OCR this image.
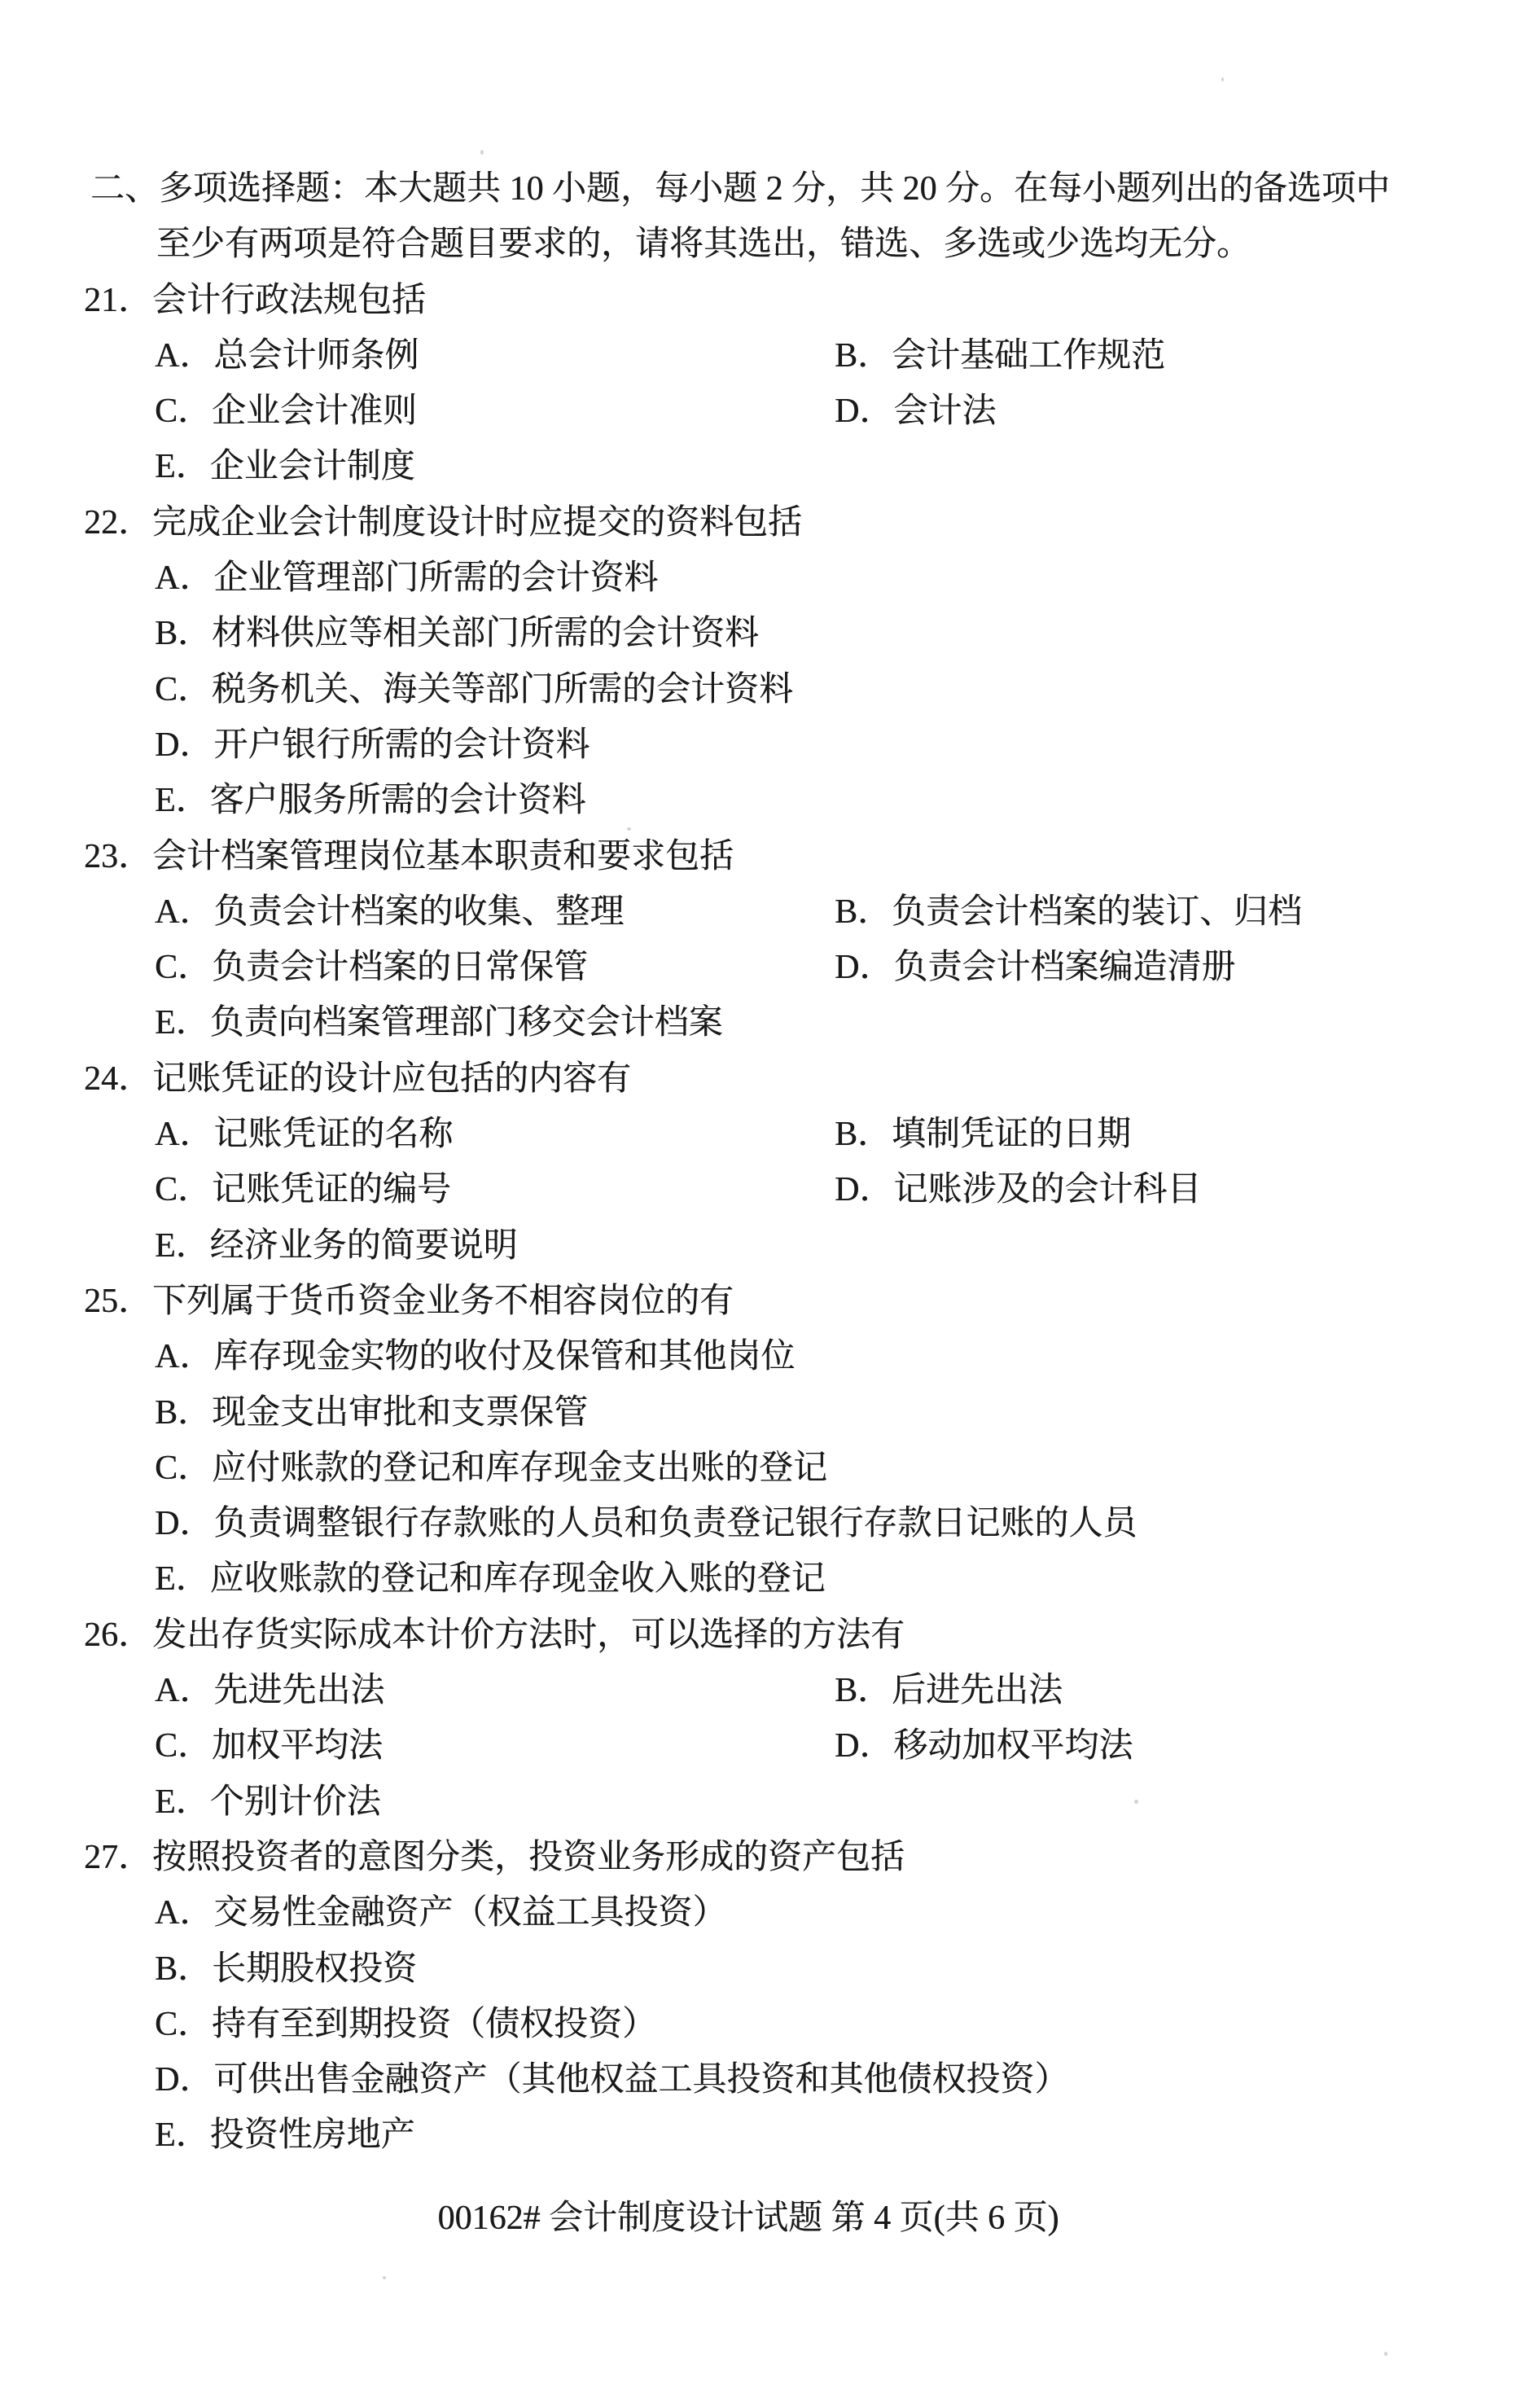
二、多项选择题：本大题共 10 小题，每小题 2 分，共 20 分。在每小题列出的备选项中
至少有两项是符合题目要求的，请将其选出，错选、多选或少选均无分。
21．会计行政法规包括
A．总会计师条例	B．会计基础工作规范
C．企业会计准则	D．会计法
E．企业会计制度
22．完成企业会计制度设计时应提交的资料包括
A．企业管理部门所需的会计资料
B．材料供应等相关部门所需的会计资料
C．税务机关、海关等部门所需的会计资料
D．开户银行所需的会计资料
E．客户服务所需的会计资料
23．会计档案管理岗位基本职责和要求包括
A．负责会计档案的收集、整理	B．负责会计档案的装订、归档
C．负责会计档案的日常保管	D．负责会计档案编造清册
E．负责向档案管理部门移交会计档案
24．记账凭证的设计应包括的内容有
A．记账凭证的名称	B．填制凭证的日期
C．记账凭证的编号	D．记账涉及的会计科目
E．经济业务的简要说明
25．下列属于货币资金业务不相容岗位的有
A．库存现金实物的收付及保管和其他岗位
B．现金支出审批和支票保管
C．应付账款的登记和库存现金支出账的登记
D．负责调整银行存款账的人员和负责登记银行存款日记账的人员
E．应收账款的登记和库存现金收入账的登记
26．发出存货实际成本计价方法时，可以选择的方法有
A．先进先出法	B．后进先出法
C．加权平均法	D．移动加权平均法
E．个别计价法
27．按照投资者的意图分类，投资业务形成的资产包括
A．交易性金融资产（权益工具投资）
B．长期股权投资
C．持有至到期投资（债权投资）
D．可供出售金融资产（其他权益工具投资和其他债权投资）
E．投资性房地产
00162# 会计制度设计试题 第 4 页(共 6 页)
